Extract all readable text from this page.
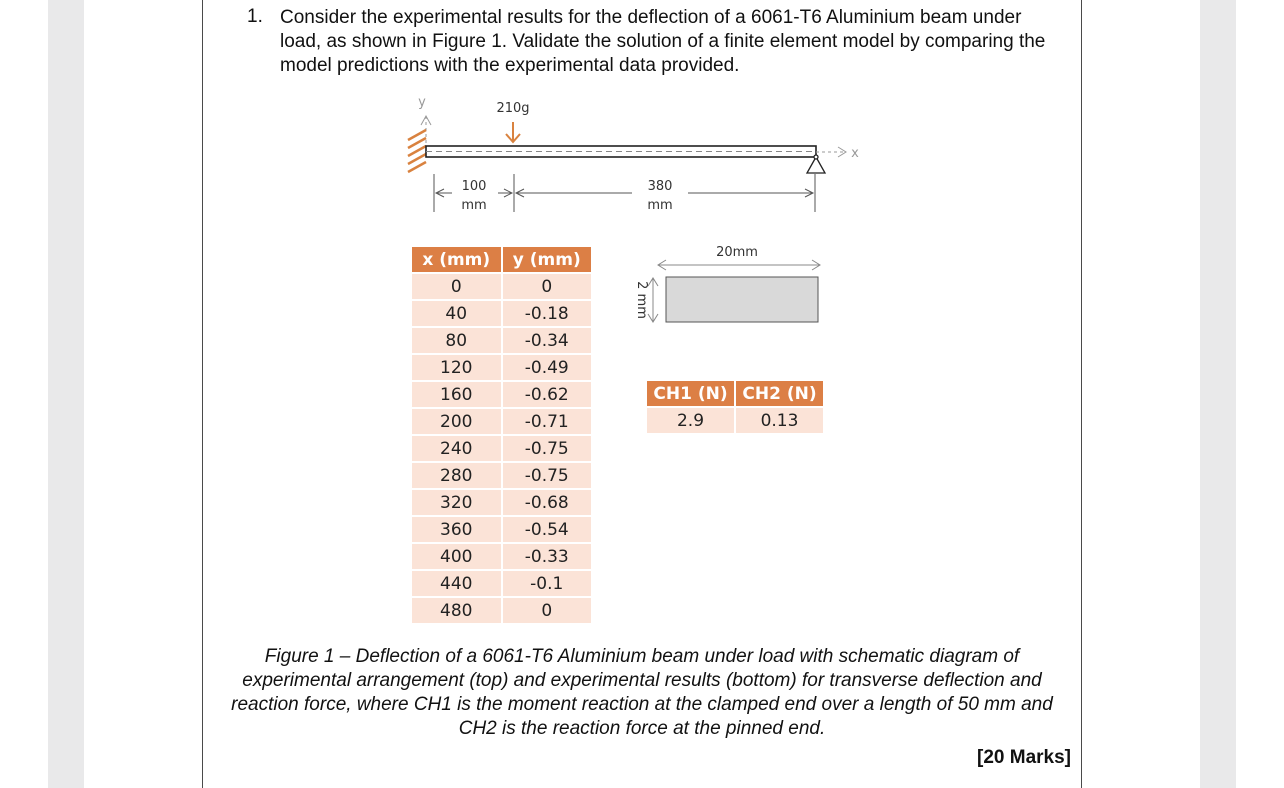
1. Consider the experimental results for the deflection of a 6061-T6 Aluminium beam under load, as shown in Figure 1. Validate the solution of a finite element model by comparing the model predictions with the experimental data provided.
y
x
210g
100
mm
380
mm
20mm
2 mm
x (mm)	y (mm)
0	0
40	-0.18
80	-0.34
120	-0.49
160	-0.62
200	-0.71
240	-0.75
280	-0.75
320	-0.68
360	-0.54
400	-0.33
440	-0.1
480	0
CH1 (N)	CH2 (N)
2.9	0.13
Figure 1 – Deflection of a 6061-T6 Aluminium beam under load with schematic diagram of experimental arrangement (top) and experimental results (bottom) for transverse deflection and reaction force, where CH1 is the moment reaction at the clamped end over a length of 50 mm and CH2 is the reaction force at the pinned end.
[20 Marks]
